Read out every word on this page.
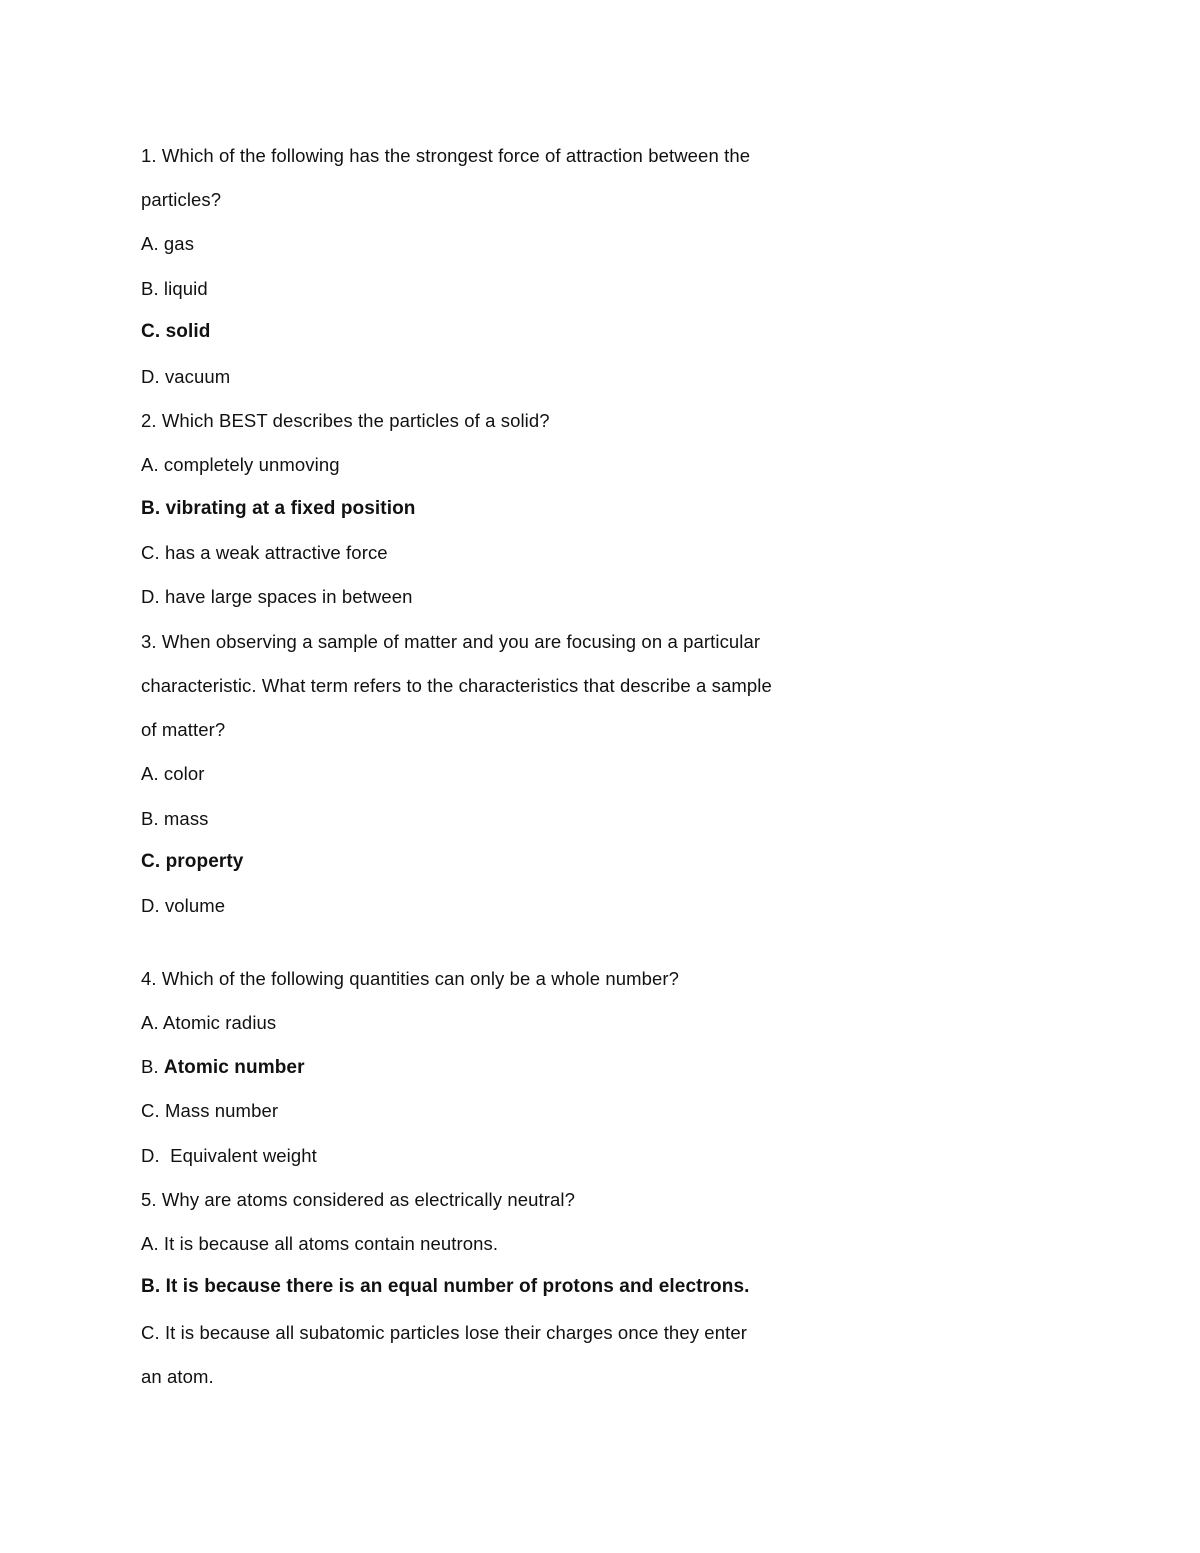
1. Which of the following has the strongest force of attraction between the
particles?
A. gas
B. liquid
C. solid
D. vacuum
2. Which BEST describes the particles of a solid?
A. completely unmoving
B. vibrating at a fixed position
C. has a weak attractive force
D. have large spaces in between
3. When observing a sample of matter and you are focusing on a particular
characteristic. What term refers to the characteristics that describe a sample
of matter?
A. color
B. mass
C. property
D. volume
4. Which of the following quantities can only be a whole number?
A. Atomic radius
B. Atomic number
C. Mass number
D.  Equivalent weight
5. Why are atoms considered as electrically neutral?
A. It is because all atoms contain neutrons.
B. It is because there is an equal number of protons and electrons.
C. It is because all subatomic particles lose their charges once they enter
an atom.
